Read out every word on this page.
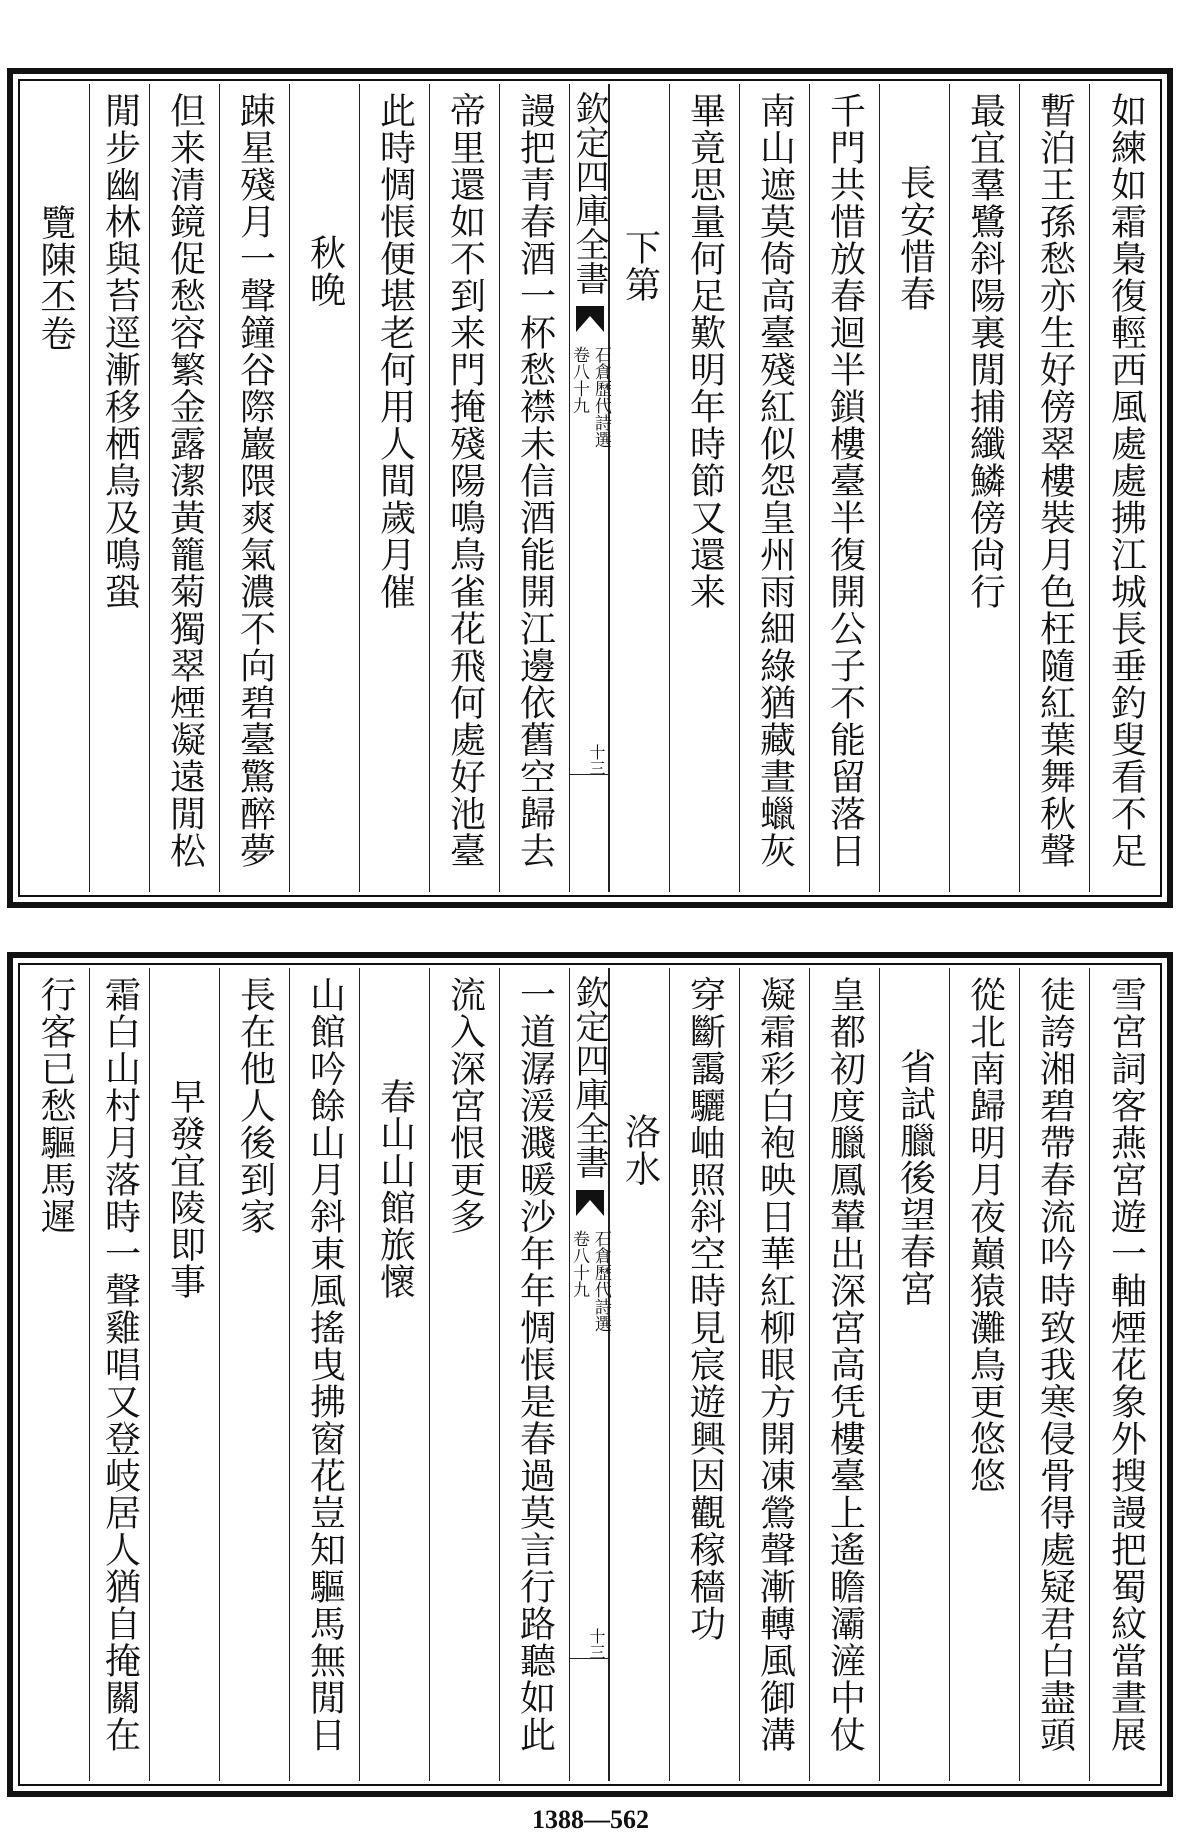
如練如霜梟復輕西風處處拂江城長垂釣叟看不足
暫泊王孫愁亦生好傍翠樓裝月色枉隨紅葉舞秋聲
最宜羣鷺斜陽裏閒捕纖鱗傍尙行
長安惜春
千門共惜放春迴半鎖樓臺半復開公子不能留落日
南山遮莫倚高臺殘紅似怨皇州雨細綠猶藏晝蠟灰
畢竟思量何足歎明年時節又還来
下第
欽定四庫全書
石倉歷代詩選
卷八十九
十三
謾把青春酒一杯愁襟未信酒能開江邊依舊空歸去
帝里還如不到来門掩殘陽鳴鳥雀花飛何處好池臺
此時惆悵便堪老何用人間歲月催
秋晚
踈星殘月一聲鐘谷際巖隈爽氣濃不向碧臺驚醉夢
但来清鏡促愁容繁金露潔黃籠菊獨翠煙凝遠閒松
閒步幽林與苔逕漸移栖鳥及鳴蛩
覽陳丕卷
雪宮詞客燕宮遊一軸煙花象外搜謾把蜀紋當晝展
徒誇湘碧帶春流吟時致我寒侵骨得處疑君白盡頭
從北南歸明月夜巔猿灘鳥更悠悠
省試臘後望春宮
皇都初度臘鳳輦出深宮高凭樓臺上遙瞻灞滻中仗
凝霜彩白袍映日華紅柳眼方開凍鶯聲漸轉風御溝
穿斷靄驪岫照斜空時見宸遊興因觀稼穡功
洛水
欽定四庫全書
石倉歷代詩選
卷八十九
十三
一道潺湲濺暖沙年年惆悵是春過莫言行路聽如此
流入深宮恨更多
春山山館旅懷
山館吟餘山月斜東風搖曳拂窗花豈知驅馬無閒日
長在他人後到家
早發宜陵即事
霜白山村月落時一聲雞唱又登岐居人猶自掩關在
行客已愁驅馬遲
1388—562
